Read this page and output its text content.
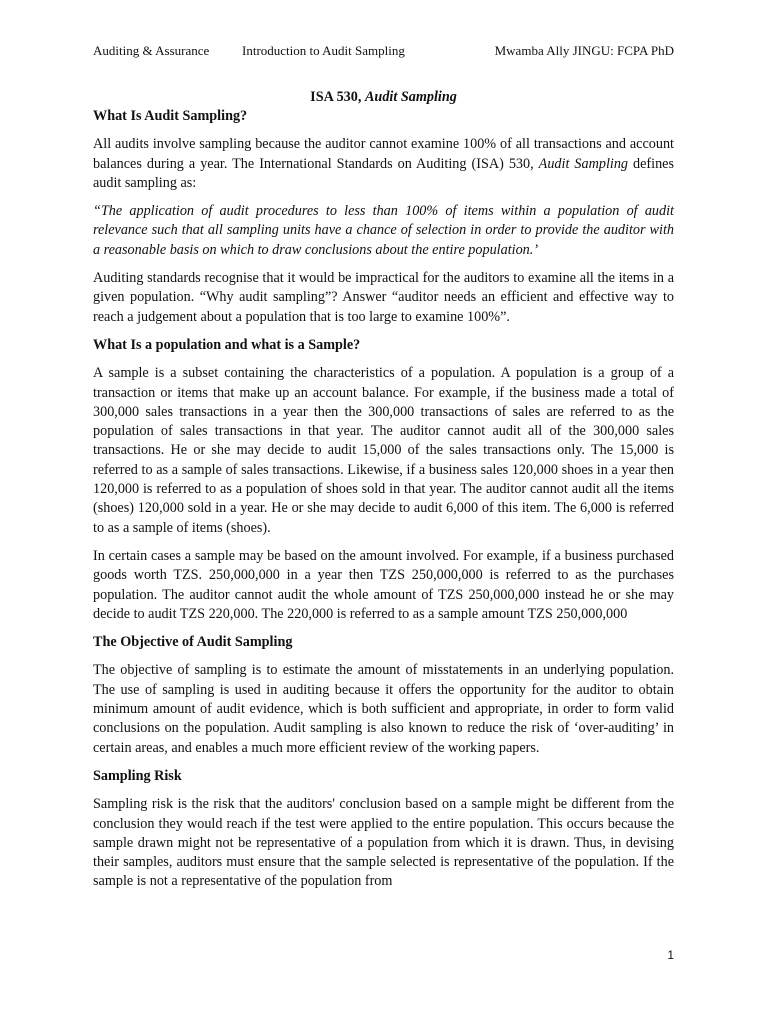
Auditing & Assurance	Introduction to Audit Sampling	Mwamba Ally JINGU: FCPA PhD
ISA 530, Audit Sampling
What Is Audit Sampling?

All audits involve sampling because the auditor cannot examine 100% of all transactions and account balances during a year. The International Standards on Auditing (ISA) 530, Audit Sampling defines audit sampling as:

“The application of audit procedures to less than 100% of items within a population of audit relevance such that all sampling units have a chance of selection in order to provide the auditor with a reasonable basis on which to draw conclusions about the entire population.’

Auditing standards recognise that it would be impractical for the auditors to examine all the items in a given population. “Why audit sampling”? Answer “auditor needs an efficient and effective way to reach a judgement about a population that is too large to examine 100%”.

What Is a population and what is a Sample?

A sample is a subset containing the characteristics of a population. A population is a group of a transaction or items that make up an account balance. For example, if the business made a total of 300,000 sales transactions in a year then the 300,000 transactions of sales are referred to as the population of sales transactions in that year. The auditor cannot audit all of the 300,000 sales transactions. He or she may decide to audit 15,000 of the sales transactions only. The 15,000 is referred to as a sample of sales transactions. Likewise, if a business sales 120,000 shoes in a year then 120,000 is referred to as a population of shoes sold in that year. The auditor cannot audit all the items (shoes) 120,000 sold in a year. He or she may decide to audit 6,000 of this item. The 6,000 is referred to as a sample of items (shoes).

In certain cases a sample may be based on the amount involved. For example, if a business purchased goods worth TZS. 250,000,000 in a year then TZS 250,000,000 is referred to as the purchases population. The auditor cannot audit the whole amount of TZS 250,000,000 instead he or she may decide to audit TZS 220,000. The 220,000 is referred to as a sample amount TZS 250,000,000

The Objective of Audit Sampling

The objective of sampling is to estimate the amount of misstatements in an underlying population. The use of sampling is used in auditing because it offers the opportunity for the auditor to obtain minimum amount of audit evidence, which is both sufficient and appropriate, in order to form valid conclusions on the population. Audit sampling is also known to reduce the risk of ‘over-auditing’ in certain areas, and enables a much more efficient review of the working papers.

Sampling Risk

Sampling risk is the risk that the auditors' conclusion based on a sample might be different from the conclusion they would reach if the test were applied to the entire population. This occurs because the sample drawn might not be representative of a population from which it is drawn. Thus, in devising their samples, auditors must ensure that the sample selected is representative of the population. If the sample is not a representative of the population from

1
